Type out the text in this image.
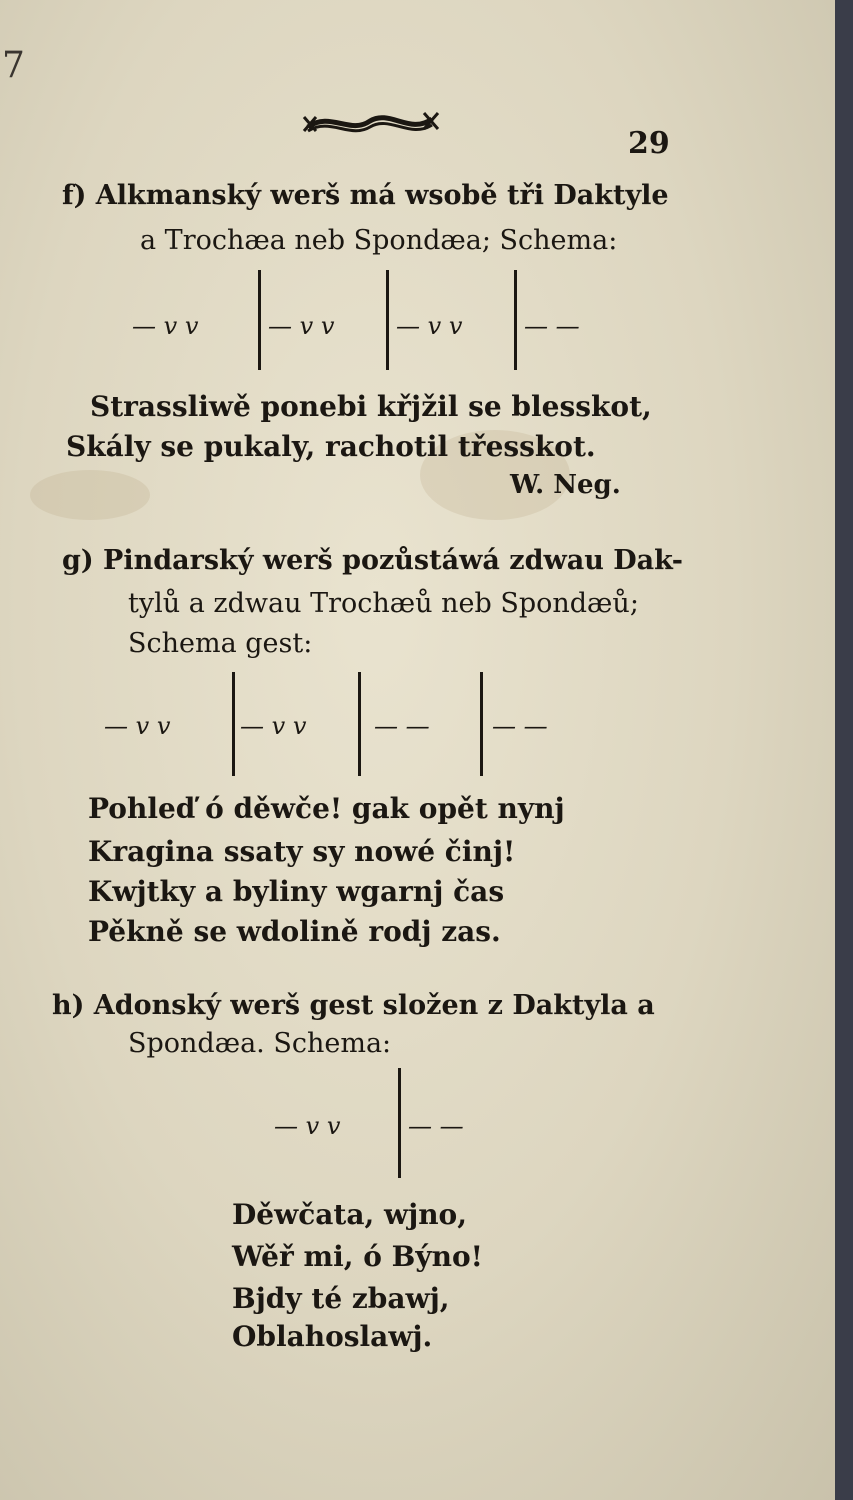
7
29
f) Alkmanský werš má wsobě tři Daktyle
a Trochæa neb Spondæa; Schema:
— v v	— v v	— v v	— —
Strassliwě ponebi křjžil se blesskot,
Skály se pukaly, rachotil třesskot.
W. Neg.
g) Pindarský werš pozůstáwá zdwau Dak-
tylů a zdwau Trochæů neb Spondæů;
Schema gest:
— v v	— v v	— —	— —
Pohleď ó děwče! gak opět nynj
Kragina ssaty sy nowé činj!
Kwjtky a byliny wgarnj čas
Pěkně se wdolině rodj zas.
h) Adonský werš gest složen z Daktyla a
Spondæa. Schema:
— v v	— —
Děwčata, wjno,
Wěř mi, ó Býno!
Bjdy té zbawj,
Oblahoslawj.
